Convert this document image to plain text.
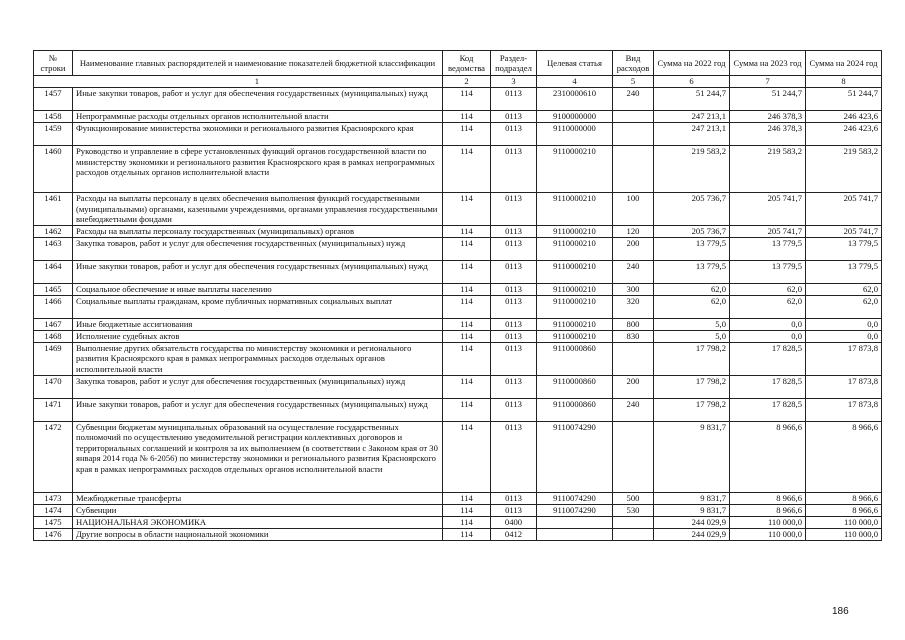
№ строки	Наименование главных распорядителей и наименование показателей бюджетной классификации	Код ведомства	Раздел-подраздел	Целевая статья	Вид расходов	Сумма на 2022 год	Сумма на 2023 год	Сумма на 2024 год
1		2	3	4	5	6	7	8
1457	Иные закупки товаров, работ и услуг для обеспечения государственных (муниципальных) нужд	114	0113	2310000610	240	51 244,7	51 244,7	51 244,7
1458	Непрограммные расходы отдельных органов исполнительной власти	114	0113	9100000000		247 213,1	246 378,3	246 423,6
1459	Функционирование министерства экономики и регионального развития Красноярского края	114	0113	9110000000		247 213,1	246 378,3	246 423,6
1460	Руководство и управление в сфере установленных функций органов государственной власти по министерству экономики и регионального развития Красноярского края в рамках непрограммных расходов отдельных органов исполнительной власти	114	0113	9110000210		219 583,2	219 583,2	219 583,2
1461	Расходы на выплаты персоналу в целях обеспечения выполнения функций государственными (муниципальными) органами, казенными учреждениями, органами управления государственными внебюджетными фондами	114	0113	9110000210	100	205 736,7	205 741,7	205 741,7
1462	Расходы на выплаты персоналу государственных (муниципальных) органов	114	0113	9110000210	120	205 736,7	205 741,7	205 741,7
1463	Закупка товаров, работ и услуг для обеспечения государственных (муниципальных) нужд	114	0113	9110000210	200	13 779,5	13 779,5	13 779,5
1464	Иные закупки товаров, работ и услуг для обеспечения государственных (муниципальных) нужд	114	0113	9110000210	240	13 779,5	13 779,5	13 779,5
1465	Социальное обеспечение и иные выплаты населению	114	0113	9110000210	300	62,0	62,0	62,0
1466	Социальные выплаты гражданам, кроме публичных нормативных социальных выплат	114	0113	9110000210	320	62,0	62,0	62,0
1467	Иные бюджетные ассигнования	114	0113	9110000210	800	5,0	0,0	0,0
1468	Исполнение судебных актов	114	0113	9110000210	830	5,0	0,0	0,0
1469	Выполнение других обязательств государства по министерству экономики и регионального развития Красноярского края в рамках непрограммных расходов отдельных органов исполнительной власти	114	0113	9110000860		17 798,2	17 828,5	17 873,8
1470	Закупка товаров, работ и услуг для обеспечения государственных (муниципальных) нужд	114	0113	9110000860	200	17 798,2	17 828,5	17 873,8
1471	Иные закупки товаров, работ и услуг для обеспечения государственных (муниципальных) нужд	114	0113	9110000860	240	17 798,2	17 828,5	17 873,8
1472	Субвенции бюджетам муниципальных образований на осуществление государственных полномочий по осуществлению уведомительной регистрации коллективных договоров и территориальных соглашений и контроля за их выполнением (в соответствии с Законом края от 30 января 2014 года № 6-2056) по министерству экономики и регионального развития Красноярского края в рамках непрограммных расходов отдельных органов исполнительной власти	114	0113	9110074290		9 831,7	8 966,6	8 966,6
1473	Межбюджетные трансферты	114	0113	9110074290	500	9 831,7	8 966,6	8 966,6
1474	Субвенции	114	0113	9110074290	530	9 831,7	8 966,6	8 966,6
1475	НАЦИОНАЛЬНАЯ ЭКОНОМИКА	114	0400			244 029,9	110 000,0	110 000,0
1476	Другие вопросы в области национальной экономики	114	0412			244 029,9	110 000,0	110 000,0
186
